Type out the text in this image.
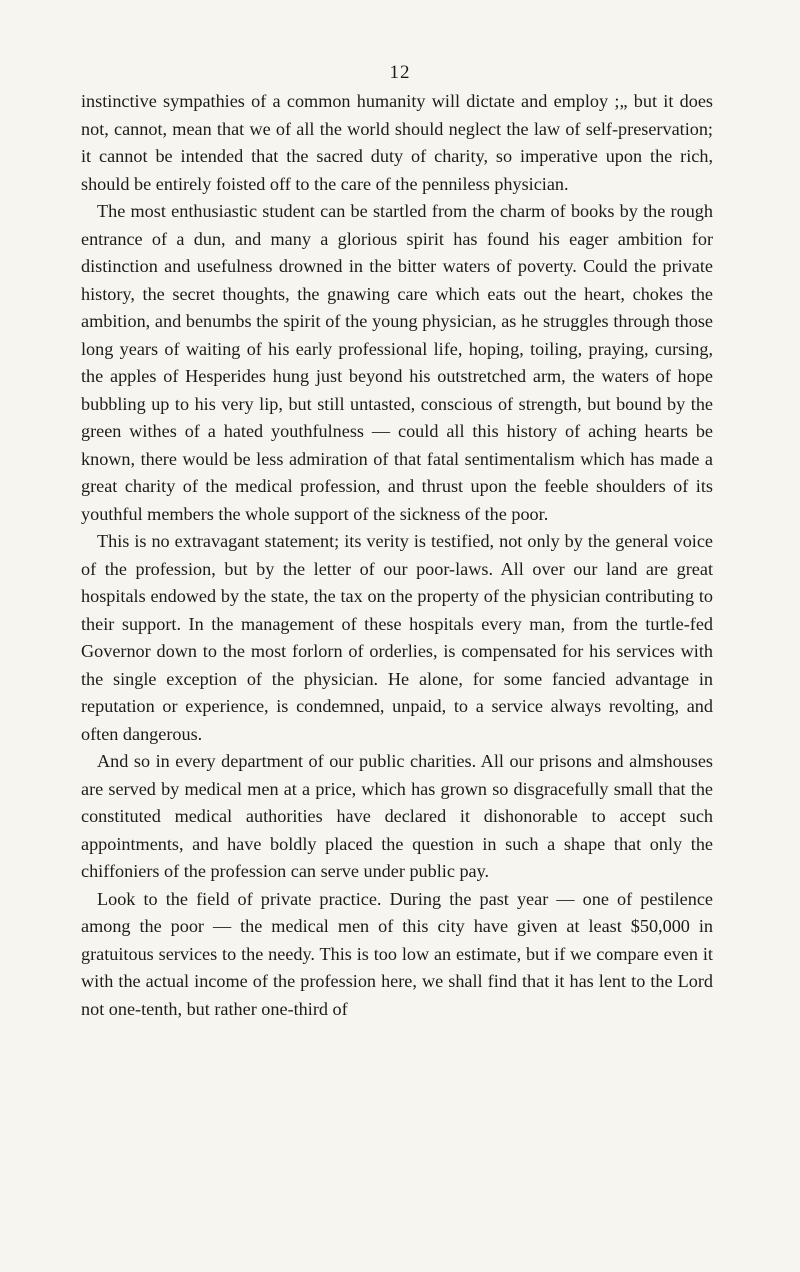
12

instinctive sympathies of a common humanity will dictate and employ ;„ but it does not, cannot, mean that we of all the world should neglect the law of self-preservation; it cannot be intended that the sacred duty of charity, so imperative upon the rich, should be entirely foisted off to the care of the penniless physician.

The most enthusiastic student can be startled from the charm of books by the rough entrance of a dun, and many a glorious spirit has found his eager ambition for distinction and usefulness drowned in the bitter waters of poverty. Could the private history, the secret thoughts, the gnawing care which eats out the heart, chokes the ambition, and benumbs the spirit of the young physician, as he struggles through those long years of waiting of his early professional life, hoping, toiling, praying, cursing, the apples of Hesperides hung just beyond his outstretched arm, the waters of hope bubbling up to his very lip, but still untasted, conscious of strength, but bound by the green withes of a hated youthfulness — could all this history of aching hearts be known, there would be less admiration of that fatal sentimentalism which has made a great charity of the medical profession, and thrust upon the feeble shoulders of its youthful members the whole support of the sickness of the poor.

This is no extravagant statement; its verity is testified, not only by the general voice of the profession, but by the letter of our poor-laws. All over our land are great hospitals endowed by the state, the tax on the property of the physician contributing to their support. In the management of these hospitals every man, from the turtle-fed Governor down to the most forlorn of orderlies, is compensated for his services with the single exception of the physician. He alone, for some fancied advantage in reputation or experience, is condemned, unpaid, to a service always revolting, and often dangerous.

And so in every department of our public charities. All our prisons and almshouses are served by medical men at a price, which has grown so disgracefully small that the constituted medical authorities have declared it dishonorable to accept such appointments, and have boldly placed the question in such a shape that only the chiffoniers of the profession can serve under public pay.

Look to the field of private practice. During the past year — one of pestilence among the poor — the medical men of this city have given at least $50,000 in gratuitous services to the needy. This is too low an estimate, but if we compare even it with the actual income of the profession here, we shall find that it has lent to the Lord not one-tenth, but rather one-third of
